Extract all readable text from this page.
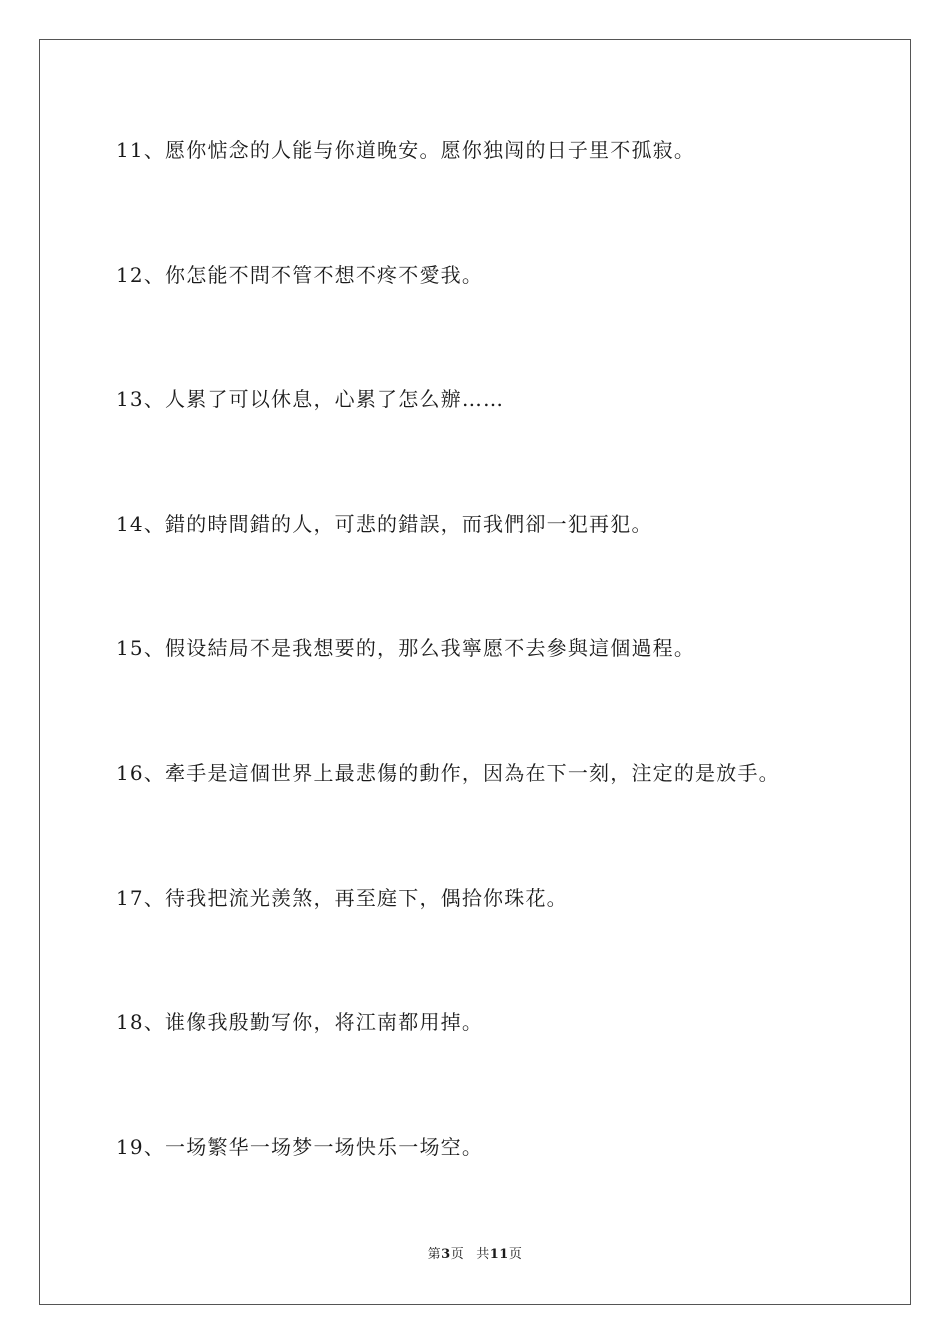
11、愿你惦念的人能与你道晚安。愿你独闯的日子里不孤寂。
12、你怎能不問不管不想不疼不愛我。
13、人累了可以休息，心累了怎么辦……
14、錯的時間錯的人，可悲的錯誤，而我們卻一犯再犯。
15、假设結局不是我想要的，那么我寧愿不去參與這個過程。
16、牽手是這個世界上最悲傷的動作，因為在下一刻，注定的是放手。
17、待我把流光羡煞，再至庭下，偶拾你珠花。
18、谁像我殷勤写你，将江南都用掉。
19、一场繁华一场梦一场快乐一场空。
第3页 共11页
